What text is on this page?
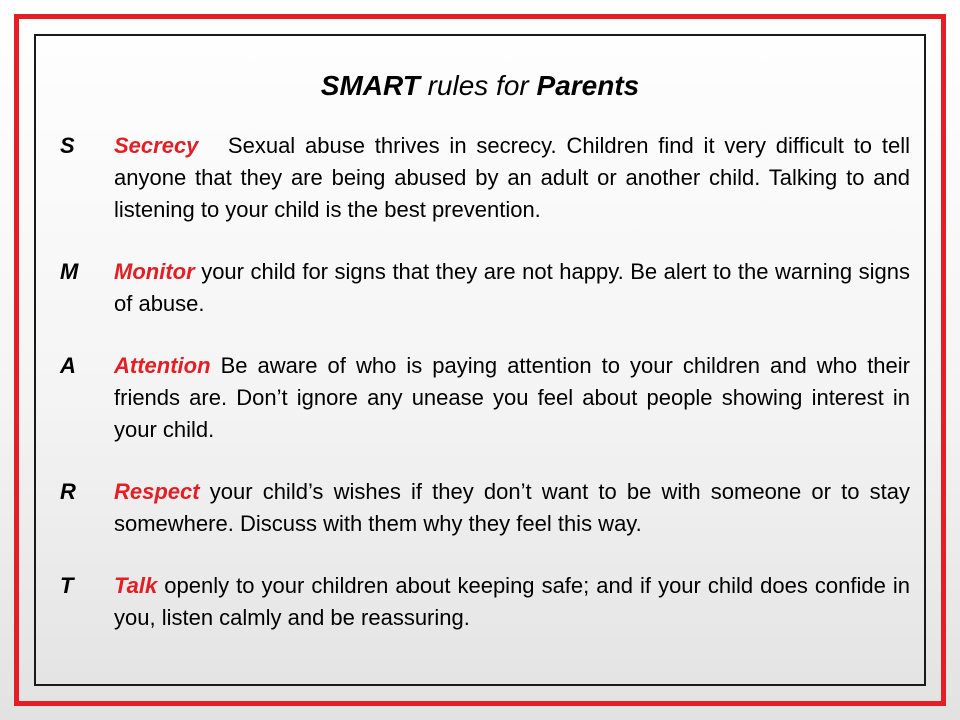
SMART rules for Parents
S	Secrecy   Sexual abuse thrives in secrecy. Children find it very difficult to tell anyone that they are being abused by an adult or another child. Talking to and listening to your child is the best prevention.
M	Monitor your child for signs that they are not happy. Be alert to the warning signs of abuse.
A	Attention Be aware of who is paying attention to your children and who their friends are. Don’t ignore any unease you feel about people showing interest in your child.
R	Respect your child’s wishes if they don’t want to be with someone or to stay somewhere. Discuss with them why they feel this way.
T	Talk openly to your children about keeping safe; and if your child does confide in you, listen calmly and be reassuring.
